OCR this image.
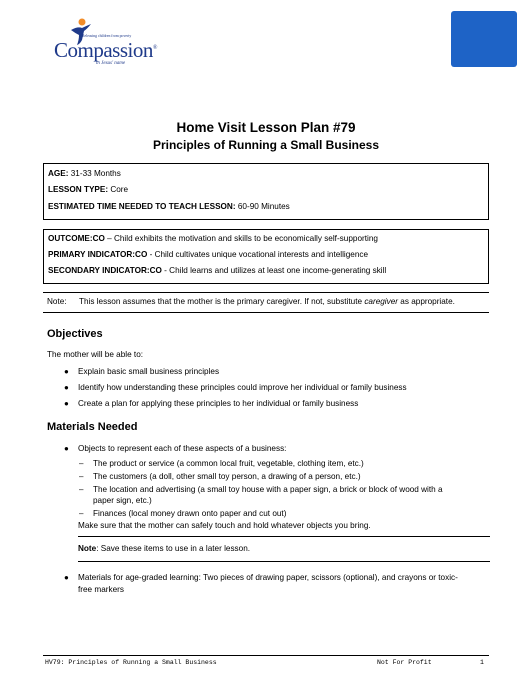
Releasing children from poverty
Compassion®
in Jesus' name
Home Visit Lesson Plan #79
Principles of Running a Small Business
AGE: 31-33 Months
LESSON TYPE: Core
ESTIMATED TIME NEEDED TO TEACH LESSON: 60-90 Minutes
OUTCOME:CO – Child exhibits the motivation and skills to be economically self-supporting
PRIMARY INDICATOR:CO - Child cultivates unique vocational interests and intelligence
SECONDARY INDICATOR:CO - Child learns and utilizes at least one income-generating skill
Note: This lesson assumes that the mother is the primary caregiver. If not, substitute caregiver as appropriate.
Objectives
The mother will be able to:
● Explain basic small business principles
● Identify how understanding these principles could improve her individual or family business
● Create a plan for applying these principles to her individual or family business
Materials Needed
● Objects to represent each of these aspects of a business:
– The product or service (a common local fruit, vegetable, clothing item, etc.)
– The customers (a doll, other small toy person, a drawing of a person, etc.)
– The location and advertising (a small toy house with a paper sign, a brick or block of wood with a
paper sign, etc.)
– Finances (local money drawn onto paper and cut out)
Make sure that the mother can safely touch and hold whatever objects you bring.
Note: Save these items to use in a later lesson.
● Materials for age-graded learning: Two pieces of drawing paper, scissors (optional), and crayons or toxic-
free markers
HV79: Principles of Running a Small Business	Not For Profit	1
